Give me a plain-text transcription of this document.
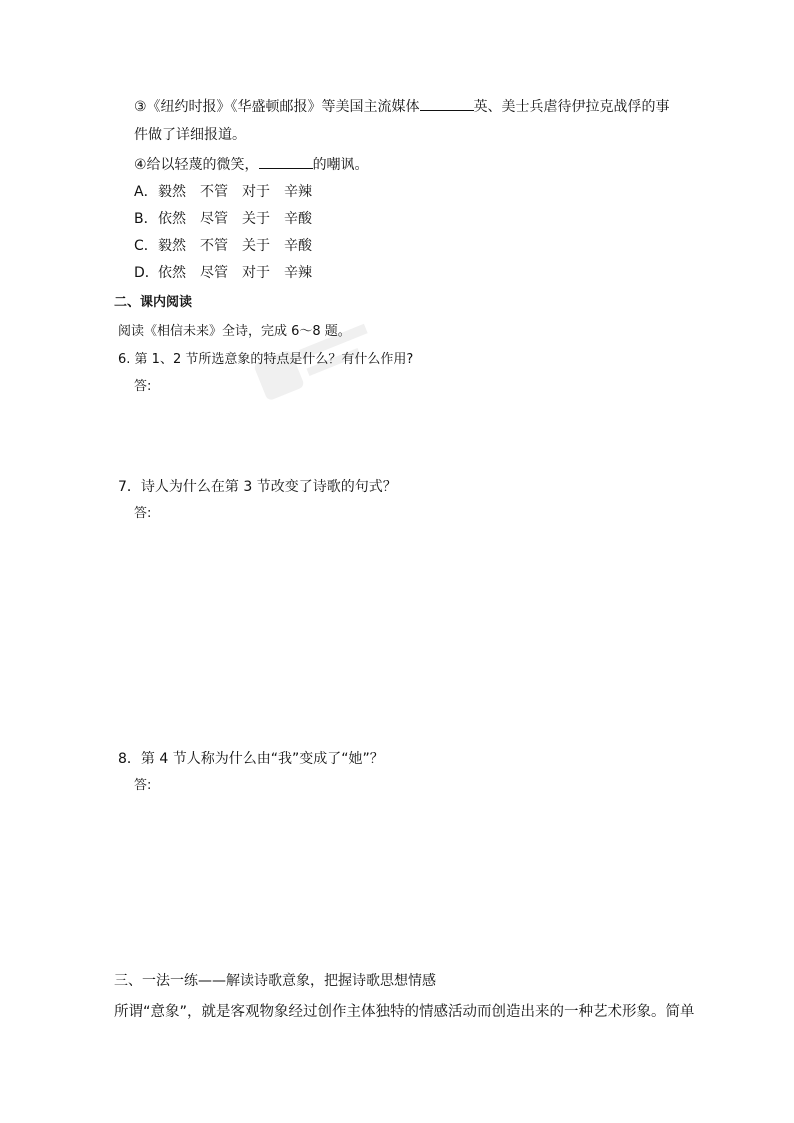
③《纽约时报》《华盛顿邮报》等美国主流媒体	英、美士兵虐待伊拉克战俘的事
件做了详细报道。
④给以轻蔑的微笑，	的嘲讽。
A．毅然 不管 对于 辛辣
B．依然 尽管 关于 辛酸
C．毅然 不管 关于 辛酸
D．依然 尽管 对于 辛辣
二、课内阅读
阅读《相信未来》全诗，完成 6～8 题。
6. 第 1、2 节所选意象的特点是什么？有什么作用?
答:
7．诗人为什么在第 3 节改变了诗歌的句式？
答:
8．第 4 节人称为什么由“我”变成了“她”？
答:
三、一法一练——解读诗歌意象，把握诗歌思想情感
所谓“意象”，就是客观物象经过创作主体独特的情感活动而创造出来的一种艺术形象。简单
